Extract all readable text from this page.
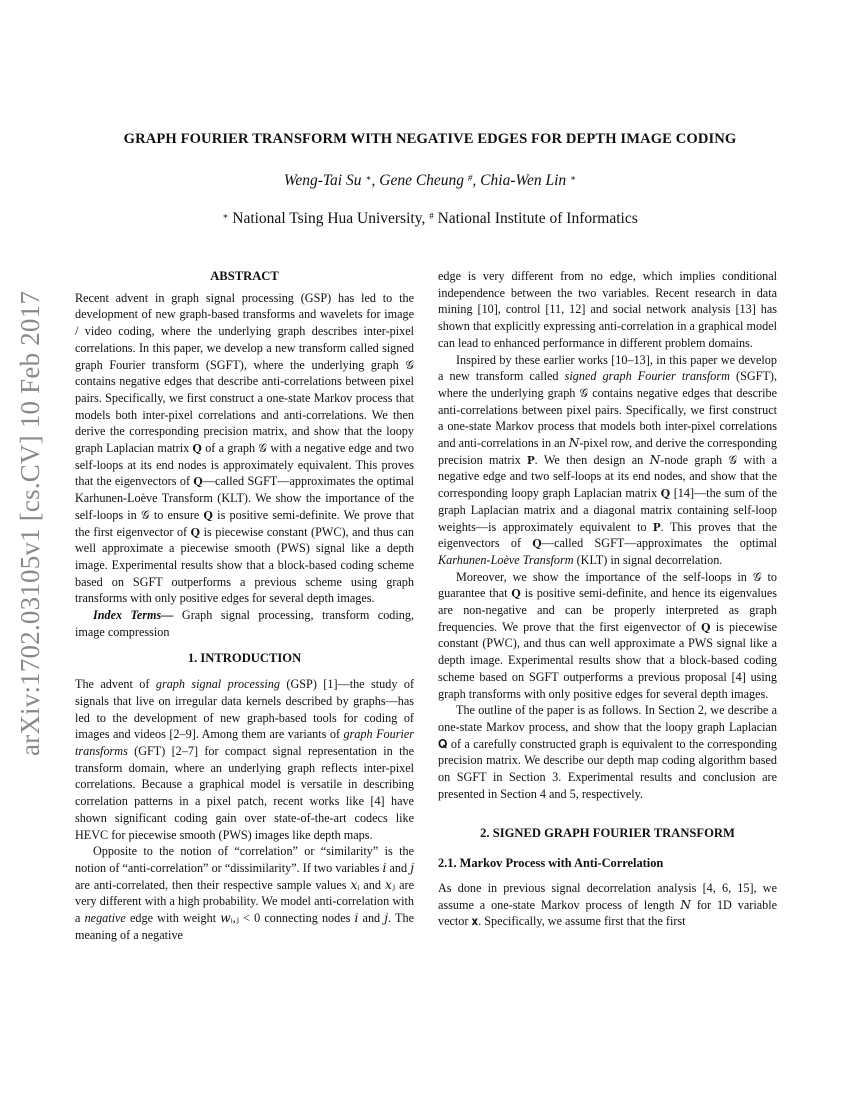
arXiv:1702.03105v1 [cs.CV] 10 Feb 2017
GRAPH FOURIER TRANSFORM WITH NEGATIVE EDGES FOR DEPTH IMAGE CODING
Weng-Tai Su ∗, Gene Cheung #, Chia-Wen Lin ∗
∗ National Tsing Hua University, # National Institute of Informatics
ABSTRACT

Recent advent in graph signal processing (GSP) has led to the development of new graph-based transforms and wavelets for image / video coding, where the underlying graph describes inter-pixel correlations. In this paper, we develop a new transform called signed graph Fourier transform (SGFT), where the underlying graph 𝒢 contains negative edges that describe anti-correlations between pixel pairs. Specifically, we first construct a one-state Markov process that models both inter-pixel correlations and anti-correlations. We then derive the corresponding precision matrix, and show that the loopy graph Laplacian matrix 𝐐 of a graph 𝒢 with a negative edge and two self-loops at its end nodes is approximately equivalent. This proves that the eigenvectors of 𝐐—called SGFT—approximates the optimal Karhunen-Loève Transform (KLT). We show the importance of the self-loops in 𝒢 to ensure 𝐐 is positive semi-definite. We prove that the first eigenvector of 𝐐 is piecewise constant (PWC), and thus can well approximate a piecewise smooth (PWS) signal like a depth image. Experimental results show that a block-based coding scheme based on SGFT outperforms a previous scheme using graph transforms with only positive edges for several depth images.

Index Terms— Graph signal processing, transform coding, image compression

1. INTRODUCTION

The advent of graph signal processing (GSP) [1]—the study of signals that live on irregular data kernels described by graphs—has led to the development of new graph-based tools for coding of images and videos [2–9]. Among them are variants of graph Fourier transforms (GFT) [2–7] for compact signal representation in the transform domain, where an underlying graph reflects inter-pixel correlations. Because a graphical model is versatile in describing correlation patterns in a pixel patch, recent works like [4] have shown significant coding gain over state-of-the-art codecs like HEVC for piecewise smooth (PWS) images like depth maps.

Opposite to the notion of “correlation” or “similarity” is the notion of “anti-correlation” or “dissimilarity”. If two variables 𝑖 and 𝑗 are anti-correlated, then their respective sample values 𝑥ᵢ and 𝑥ⱼ are very different with a high probability. We model anti-correlation with a negative edge with weight 𝑤ᵢ,ⱼ < 0 connecting nodes 𝑖 and 𝑗. The meaning of a negative

edge is very different from no edge, which implies conditional independence between the two variables. Recent research in data mining [10], control [11, 12] and social network analysis [13] has shown that explicitly expressing anti-correlation in a graphical model can lead to enhanced performance in different problem domains.

Inspired by these earlier works [10–13], in this paper we develop a new transform called signed graph Fourier transform (SGFT), where the underlying graph 𝒢 contains negative edges that describe anti-correlations between pixel pairs. Specifically, we first construct a one-state Markov process that models both inter-pixel correlations and anti-correlations in an 𝑁-pixel row, and derive the corresponding precision matrix 𝐏. We then design an 𝑁-node graph 𝒢 with a negative edge and two self-loops at its end nodes, and show that the corresponding loopy graph Laplacian matrix 𝐐 [14]—the sum of the graph Laplacian matrix and a diagonal matrix containing self-loop weights—is approximately equivalent to 𝐏. This proves that the eigenvectors of 𝐐—called SGFT—approximates the optimal Karhunen-Loève Transform (KLT) in signal decorrelation.

Moreover, we show the importance of the self-loops in 𝒢 to guarantee that 𝐐 is positive semi-definite, and hence its eigenvalues are non-negative and can be properly interpreted as graph frequencies. We prove that the first eigenvector of 𝐐 is piecewise constant (PWC), and thus can well approximate a PWS signal like a depth image. Experimental results show that a block-based coding scheme based on SGFT outperforms a previous proposal [4] using graph transforms with only positive edges for several depth images.

The outline of the paper is as follows. In Section 2, we describe a one-state Markov process, and show that the loopy graph Laplacian 𝐐 of a carefully constructed graph is equivalent to the corresponding precision matrix. We describe our depth map coding algorithm based on SGFT in Section 3. Experimental results and conclusion are presented in Section 4 and 5, respectively.

2. SIGNED GRAPH FOURIER TRANSFORM
2.1. Markov Process with Anti-Correlation

As done in previous signal decorrelation analysis [4, 6, 15], we assume a one-state Markov process of length 𝑁 for 1D variable vector 𝐱. Specifically, we assume first that the first
